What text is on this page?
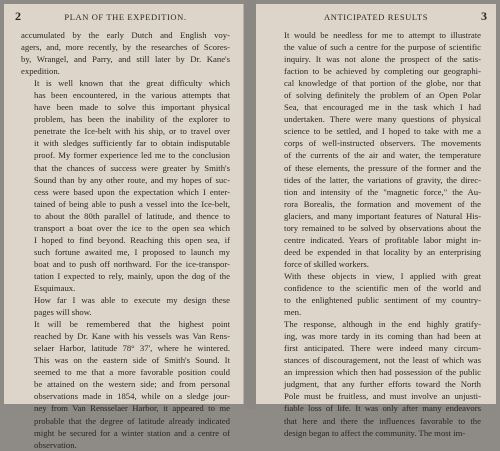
2	PLAN OF THE EXPEDITION.

accumulated by the early Dutch and English voy-
agers, and, more recently, by the researches of Scores-
by, Wrangel, and Parry, and still later by Dr. Kane's
expedition.

It is well known that the great difficulty which
has been encountered, in the various attempts that
have been made to solve this important physical
problem, has been the inability of the explorer to
penetrate the Ice-belt with his ship, or to travel over
it with sledges sufficiently far to obtain indisputable
proof. My former experience led me to the conclusion
that the chances of success were greater by Smith's
Sound than by any other route, and my hopes of suc-
cess were based upon the expectation which I enter-
tained of being able to push a vessel into the Ice-belt,
to about the 80th parallel of latitude, and thence to
transport a boat over the ice to the open sea which
I hoped to find beyond. Reaching this open sea, if
such fortune awaited me, I proposed to launch my
boat and to push off northward. For the ice-transpor-
tation I expected to rely, mainly, upon the dog of the
Esquimaux.

How far I was able to execute my design these
pages will show.

It will be remembered that the highest point
reached by Dr. Kane with his vessels was Van Rens-
selaer Harbor, latitude 78° 37', where he wintered.
This was on the eastern side of Smith's Sound. It
seemed to me that a more favorable position could
be attained on the western side; and from personal
observations made in 1854, while on a sledge jour-
ney from Van Rensselaer Harbor, it appeared to me
probable that the degree of latitude already indicated
might be secured for a winter station and a centre of
observation.

ANTICIPATED RESULTS	3

It would be needless for me to attempt to illustrate
the value of such a centre for the purpose of scientific
inquiry. It was not alone the prospect of the satis-
faction to be achieved by completing our geographi-
cal knowledge of that portion of the globe, nor that
of solving definitely the problem of an Open Polar
Sea, that encouraged me in the task which I had
undertaken. There were many questions of physical
science to be settled, and I hoped to take with me a
corps of well-instructed observers. The movements
of the currents of the air and water, the temperature
of these elements, the pressure of the former and the
tides of the latter, the variations of gravity, the direc-
tion and intensity of the "magnetic force," the Au-
rora Borealis, the formation and movement of the
glaciers, and many important features of Natural His-
tory remained to be solved by observations about the
centre indicated. Years of profitable labor might in-
deed be expended in that locality by an enterprising
force of skilled workers.

With these objects in view, I applied with great
confidence to the scientific men of the world and
to the enlightened public sentiment of my country-
men.

The response, although in the end highly gratify-
ing, was more tardy in its coming than had been at
first anticipated. There were indeed many circum-
stances of discouragement, not the least of which was
an impression which then had possession of the public
judgment, that any further efforts toward the North
Pole must be fruitless, and must involve an unjusti-
fiable loss of life. It was only after many endeavors
that here and there the influences favorable to the
design began to affect the community. The most im-
